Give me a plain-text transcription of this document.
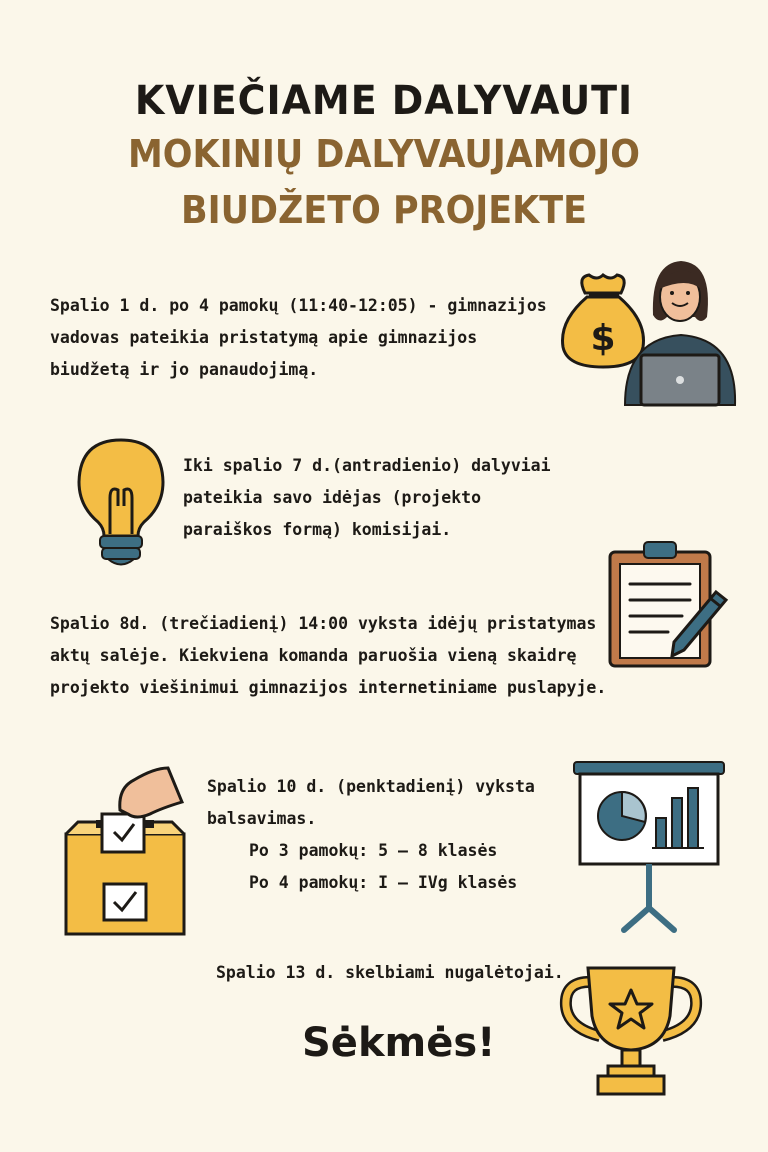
KVIEČIAME DALYVAUTI
MOKINIŲ DALYVAUJAMOJO
BIUDŽETO PROJEKTE
Spalio 1 d. po 4 pamokų (11:40-12:05) - gimnazijos
vadovas pateikia pristatymą apie gimnazijos
biudžetą ir jo panaudojimą.
$
Iki spalio 7 d.(antradienio) dalyviai
pateikia savo idėjas (projekto
paraiškos formą) komisijai.
Spalio 8d. (trečiadienį) 14:00 vyksta idėjų pristatymas
aktų salėje. Kiekviena komanda paruošia vieną skaidrę
projekto viešinimui gimnazijos internetiniame puslapyje.
Spalio 10 d. (penktadienį) vyksta
balsavimas.
Po 3 pamokų: 5 – 8 klasės
Po 4 pamokų: I – IVg klasės
Spalio 13 d. skelbiami nugalėtojai.
Sėkmės!
